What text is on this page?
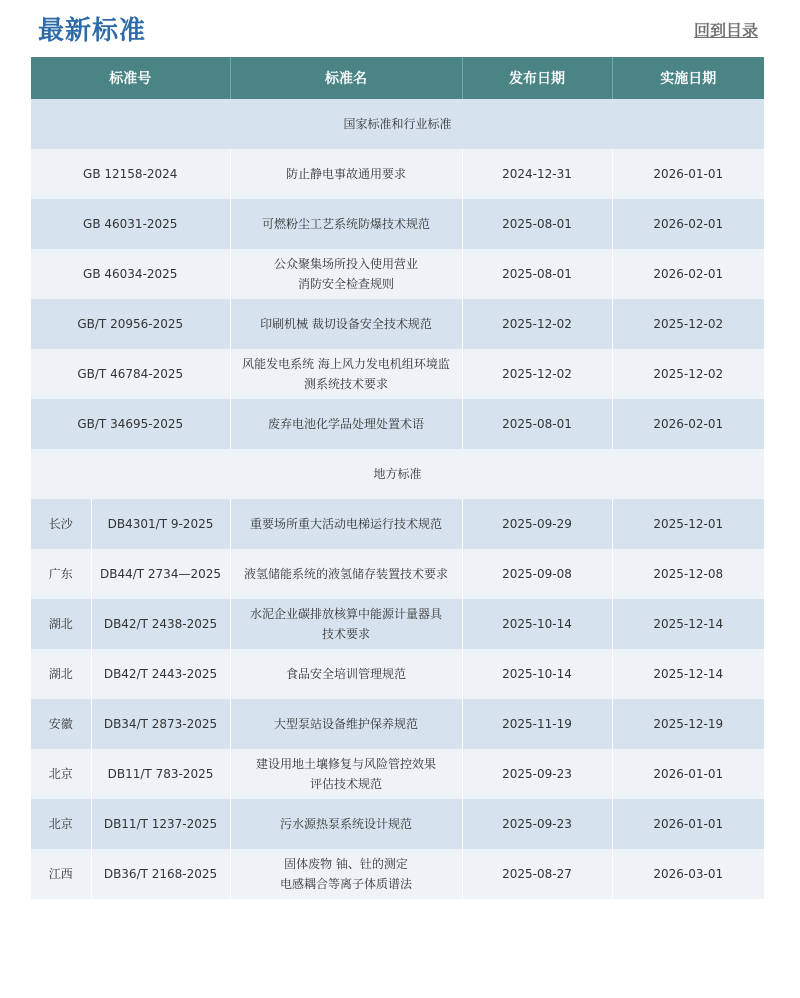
最新标准	回到目录
标准号		标准名	发布日期	实施日期
国家标准和行业标准				
GB 12158-2024		防止静电事故通用要求	2024-12-31	2026-01-01
GB 46031-2025		可燃粉尘工艺系统防爆技术规范	2025-08-01	2026-02-01
GB 46034-2025		公众聚集场所投入使用营业
消防安全检查规则	2025-08-01	2026-02-01
GB/T 20956-2025		印刷机械 裁切设备安全技术规范	2025-12-02	2025-12-02
GB/T 46784-2025		风能发电系统 海上风力发电机组环境监
测系统技术要求	2025-12-02	2025-12-02
GB/T 34695-2025		废弃电池化学品处理处置术语	2025-08-01	2026-02-01
地方标准				
长沙	DB4301/T 9-2025	重要场所重大活动电梯运行技术规范	2025-09-29	2025-12-01
广东	DB44/T 2734—2025	液氢储能系统的液氢储存装置技术要求	2025-09-08	2025-12-08
湖北	DB42/T 2438-2025	水泥企业碳排放核算中能源计量器具
技术要求	2025-10-14	2025-12-14
湖北	DB42/T 2443-2025	食品安全培训管理规范	2025-10-14	2025-12-14
安徽	DB34/T 2873-2025	大型泵站设备维护保养规范	2025-11-19	2025-12-19
北京	DB11/T 783-2025	建设用地土壤修复与风险管控效果
评估技术规范	2025-09-23	2026-01-01
北京	DB11/T 1237-2025	污水源热泵系统设计规范	2025-09-23	2026-01-01
江西	DB36/T 2168-2025	固体废物 铀、钍的测定
电感耦合等离子体质谱法	2025-08-27	2026-03-01
